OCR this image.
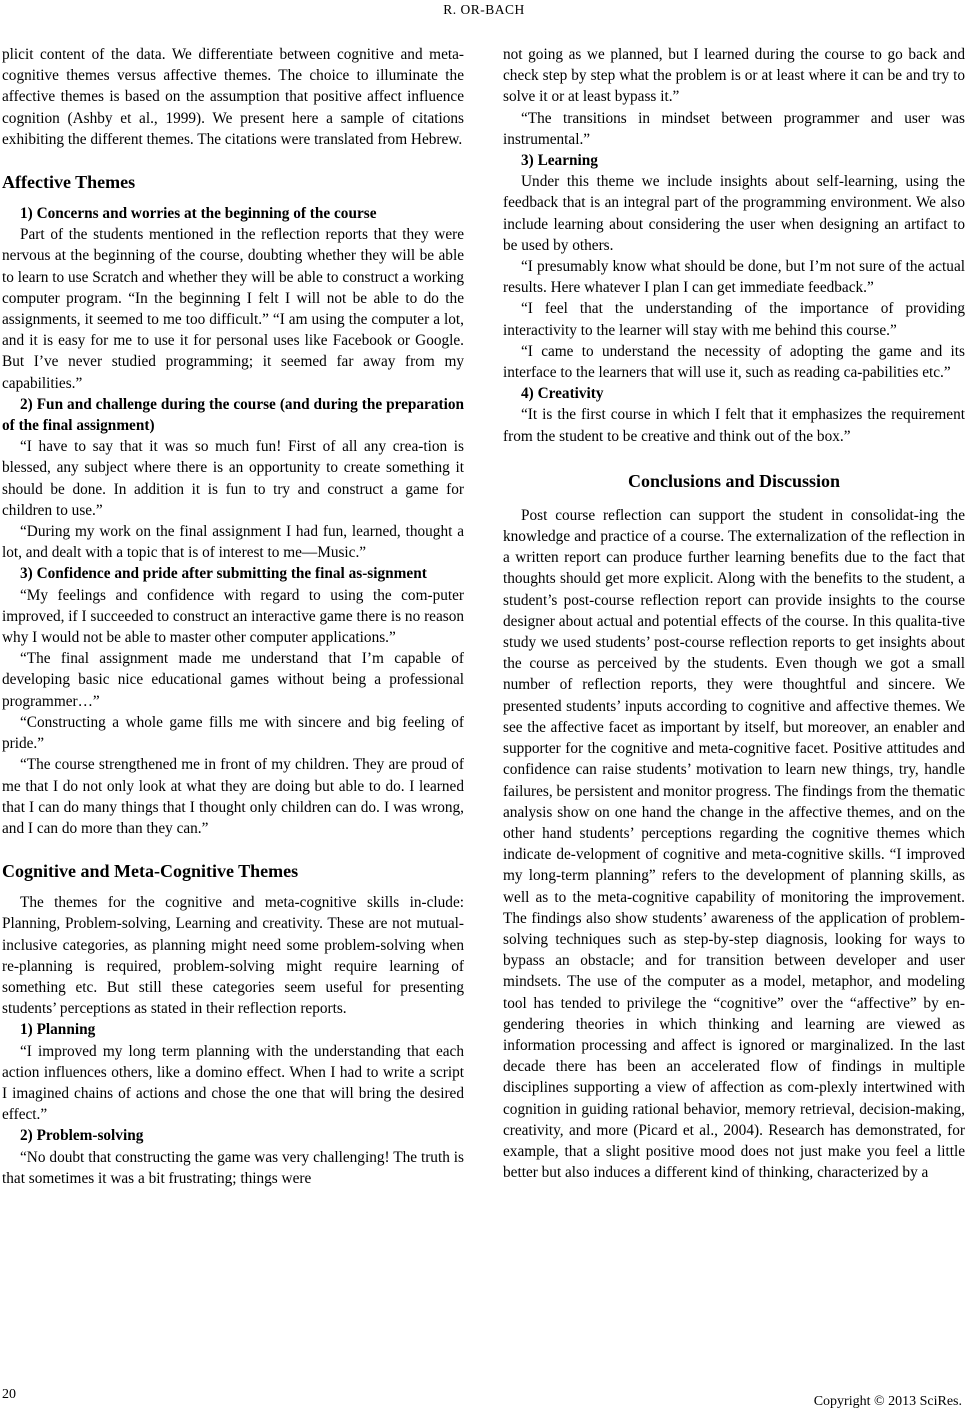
R. OR-BACH

plicit content of the data. We differentiate between cognitive and meta-cognitive themes versus affective themes. The choice to illuminate the affective themes is based on the assumption that positive affect influence cognition (Ashby et al., 1999). We present here a sample of citations exhibiting the different themes. The citations were translated from Hebrew.

Affective Themes

1) Concerns and worries at the beginning of the course

Part of the students mentioned in the reflection reports that they were nervous at the beginning of the course, doubting whether they will be able to learn to use Scratch and whether they will be able to construct a working computer program. “In the beginning I felt I will not be able to do the assignments, it seemed to me too difficult.” “I am using the computer a lot, and it is easy for me to use it for personal uses like Facebook or Google. But I’ve never studied programming; it seemed far away from my capabilities.”

2) Fun and challenge during the course (and during the preparation of the final assignment)

“I have to say that it was so much fun! First of all any crea-tion is blessed, any subject where there is an opportunity to create something it should be done. In addition it is fun to try and construct a game for children to use.”

“During my work on the final assignment I had fun, learned, thought a lot, and dealt with a topic that is of interest to me—Music.”

3) Confidence and pride after submitting the final as-signment

“My feelings and confidence with regard to using the com-puter improved, if I succeeded to construct an interactive game there is no reason why I would not be able to master other computer applications.”

“The final assignment made me understand that I’m capable of developing basic nice educational games without being a professional programmer…”

“Constructing a whole game fills me with sincere and big feeling of pride.”

“The course strengthened me in front of my children. They are proud of me that I do not only look at what they are doing but able to do. I learned that I can do many things that I thought only children can do. I was wrong, and I can do more than they can.”

Cognitive and Meta-Cognitive Themes

The themes for the cognitive and meta-cognitive skills in-clude: Planning, Problem-solving, Learning and creativity. These are not mutual-inclusive categories, as planning might need some problem-solving when re-planning is required, problem-solving might require learning of something etc. But still these categories seem useful for presenting students’ perceptions as stated in their reflection reports.

1) Planning

“I improved my long term planning with the understanding that each action influences others, like a domino effect. When I had to write a script I imagined chains of actions and chose the one that will bring the desired effect.”

2) Problem-solving

“No doubt that constructing the game was very challenging! The truth is that sometimes it was a bit frustrating; things were

not going as we planned, but I learned during the course to go back and check step by step what the problem is or at least where it can be and try to solve it or at least bypass it.”

“The transitions in mindset between programmer and user was instrumental.”

3) Learning

Under this theme we include insights about self-learning, using the feedback that is an integral part of the programming environment. We also include learning about considering the user when designing an artifact to be used by others.

“I presumably know what should be done, but I’m not sure of the actual results. Here whatever I plan I can get immediate feedback.”

“I feel that the understanding of the importance of providing interactivity to the learner will stay with me behind this course.”

“I came to understand the necessity of adopting the game and its interface to the learners that will use it, such as reading ca-pabilities etc.”

4) Creativity

“It is the first course in which I felt that it emphasizes the requirement from the student to be creative and think out of the box.”

Conclusions and Discussion

Post course reflection can support the student in consolidat-ing the knowledge and practice of a course. The externalization of the reflection in a written report can produce further learning benefits due to the fact that thoughts should get more explicit. Along with the benefits to the student, a student’s post-course reflection report can provide insights to the course designer about actual and potential effects of the course. In this qualita-tive study we used students’ post-course reflection reports to get insights about the course as perceived by the students. Even though we got a small number of reflection reports, they were thoughtful and sincere. We presented students’ inputs according to cognitive and affective themes. We see the affective facet as important by itself, but moreover, an enabler and supporter for the cognitive and meta-cognitive facet. Positive attitudes and confidence can raise students’ motivation to learn new things, try, handle failures, be persistent and monitor progress. The findings from the thematic analysis show on one hand the change in the affective themes, and on the other hand students’ perceptions regarding the cognitive themes which indicate de-velopment of cognitive and meta-cognitive skills. “I improved my long-term planning” refers to the development of planning skills, as well as to the meta-cognitive capability of monitoring the improvement. The findings also show students’ awareness of the application of problem-solving techniques such as step-by-step diagnosis, looking for ways to bypass an obstacle; and for transition between developer and user mindsets. The use of the computer as a model, metaphor, and modeling tool has tended to privilege the “cognitive” over the “affective” by en-gendering theories in which thinking and learning are viewed as information processing and affect is ignored or marginalized. In the last decade there has been an accelerated flow of findings in multiple disciplines supporting a view of affection as com-plexly intertwined with cognition in guiding rational behavior, memory retrieval, decision-making, creativity, and more (Picard et al., 2004). Research has demonstrated, for example, that a slight positive mood does not just make you feel a little better but also induces a different kind of thinking, characterized by a

20	Copyright © 2013 SciRes.
